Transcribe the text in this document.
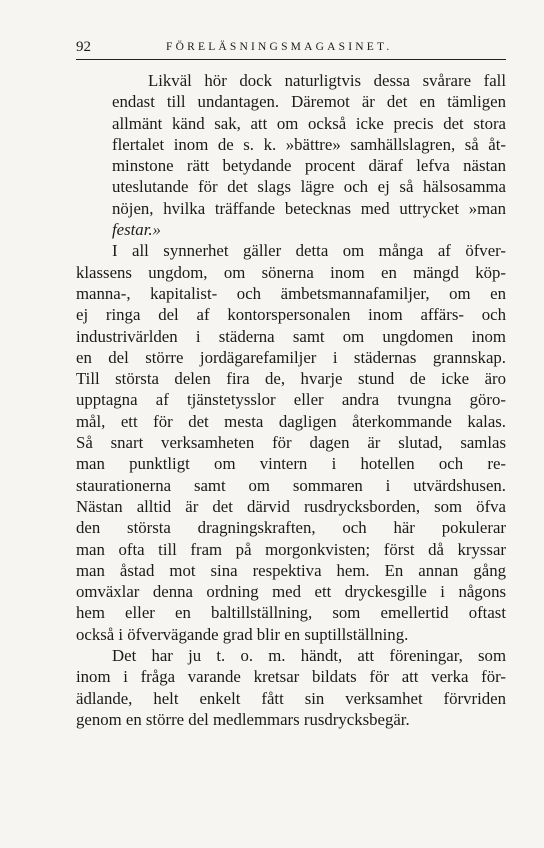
92	FÖRELÄSNINGSMAGASINET.

Likväl hör dock naturligtvis dessa svårare fall
endast till undantagen. Däremot är det en tämligen
allmänt känd sak, att om också icke precis det stora
flertalet inom de s. k. »bättre» samhällslagren, så åt-
minstone rätt betydande procent däraf lefva nästan
uteslutande för det slags lägre och ej så hälsosamma
nöjen, hvilka träffande betecknas med uttrycket »man
festar.»

I all synnerhet gäller detta om många af öfver-
klassens ungdom, om sönerna inom en mängd köp-
manna-, kapitalist- och ämbetsmannafamiljer, om en
ej ringa del af kontorspersonalen inom affärs- och
industrivärlden i städerna samt om ungdomen inom
en del större jordägarefamiljer i städernas grannskap.
Till största delen fira de, hvarje stund de icke äro
upptagna af tjänstetysslor eller andra tvungna göro-
mål, ett för det mesta dagligen återkommande kalas.
Så snart verksamheten för dagen är slutad, samlas
man punktligt om vintern i hotellen och re-
staurationerna samt om sommaren i utvärdshusen.
Nästan alltid är det därvid rusdrycksborden, som öfva
den största dragningskraften, och här pokulerar
man ofta till fram på morgonkvisten; först då kryssar
man åstad mot sina respektiva hem. En annan gång
omväxlar denna ordning med ett dryckesgille i någons
hem eller en baltillställning, som emellertid oftast
också i öfvervägande grad blir en suptillställning.

Det har ju t. o. m. händt, att föreningar, som
inom i fråga varande kretsar bildats för att verka för-
ädlande, helt enkelt fått sin verksamhet förvriden
genom en större del medlemmars rusdrycksbegär.
